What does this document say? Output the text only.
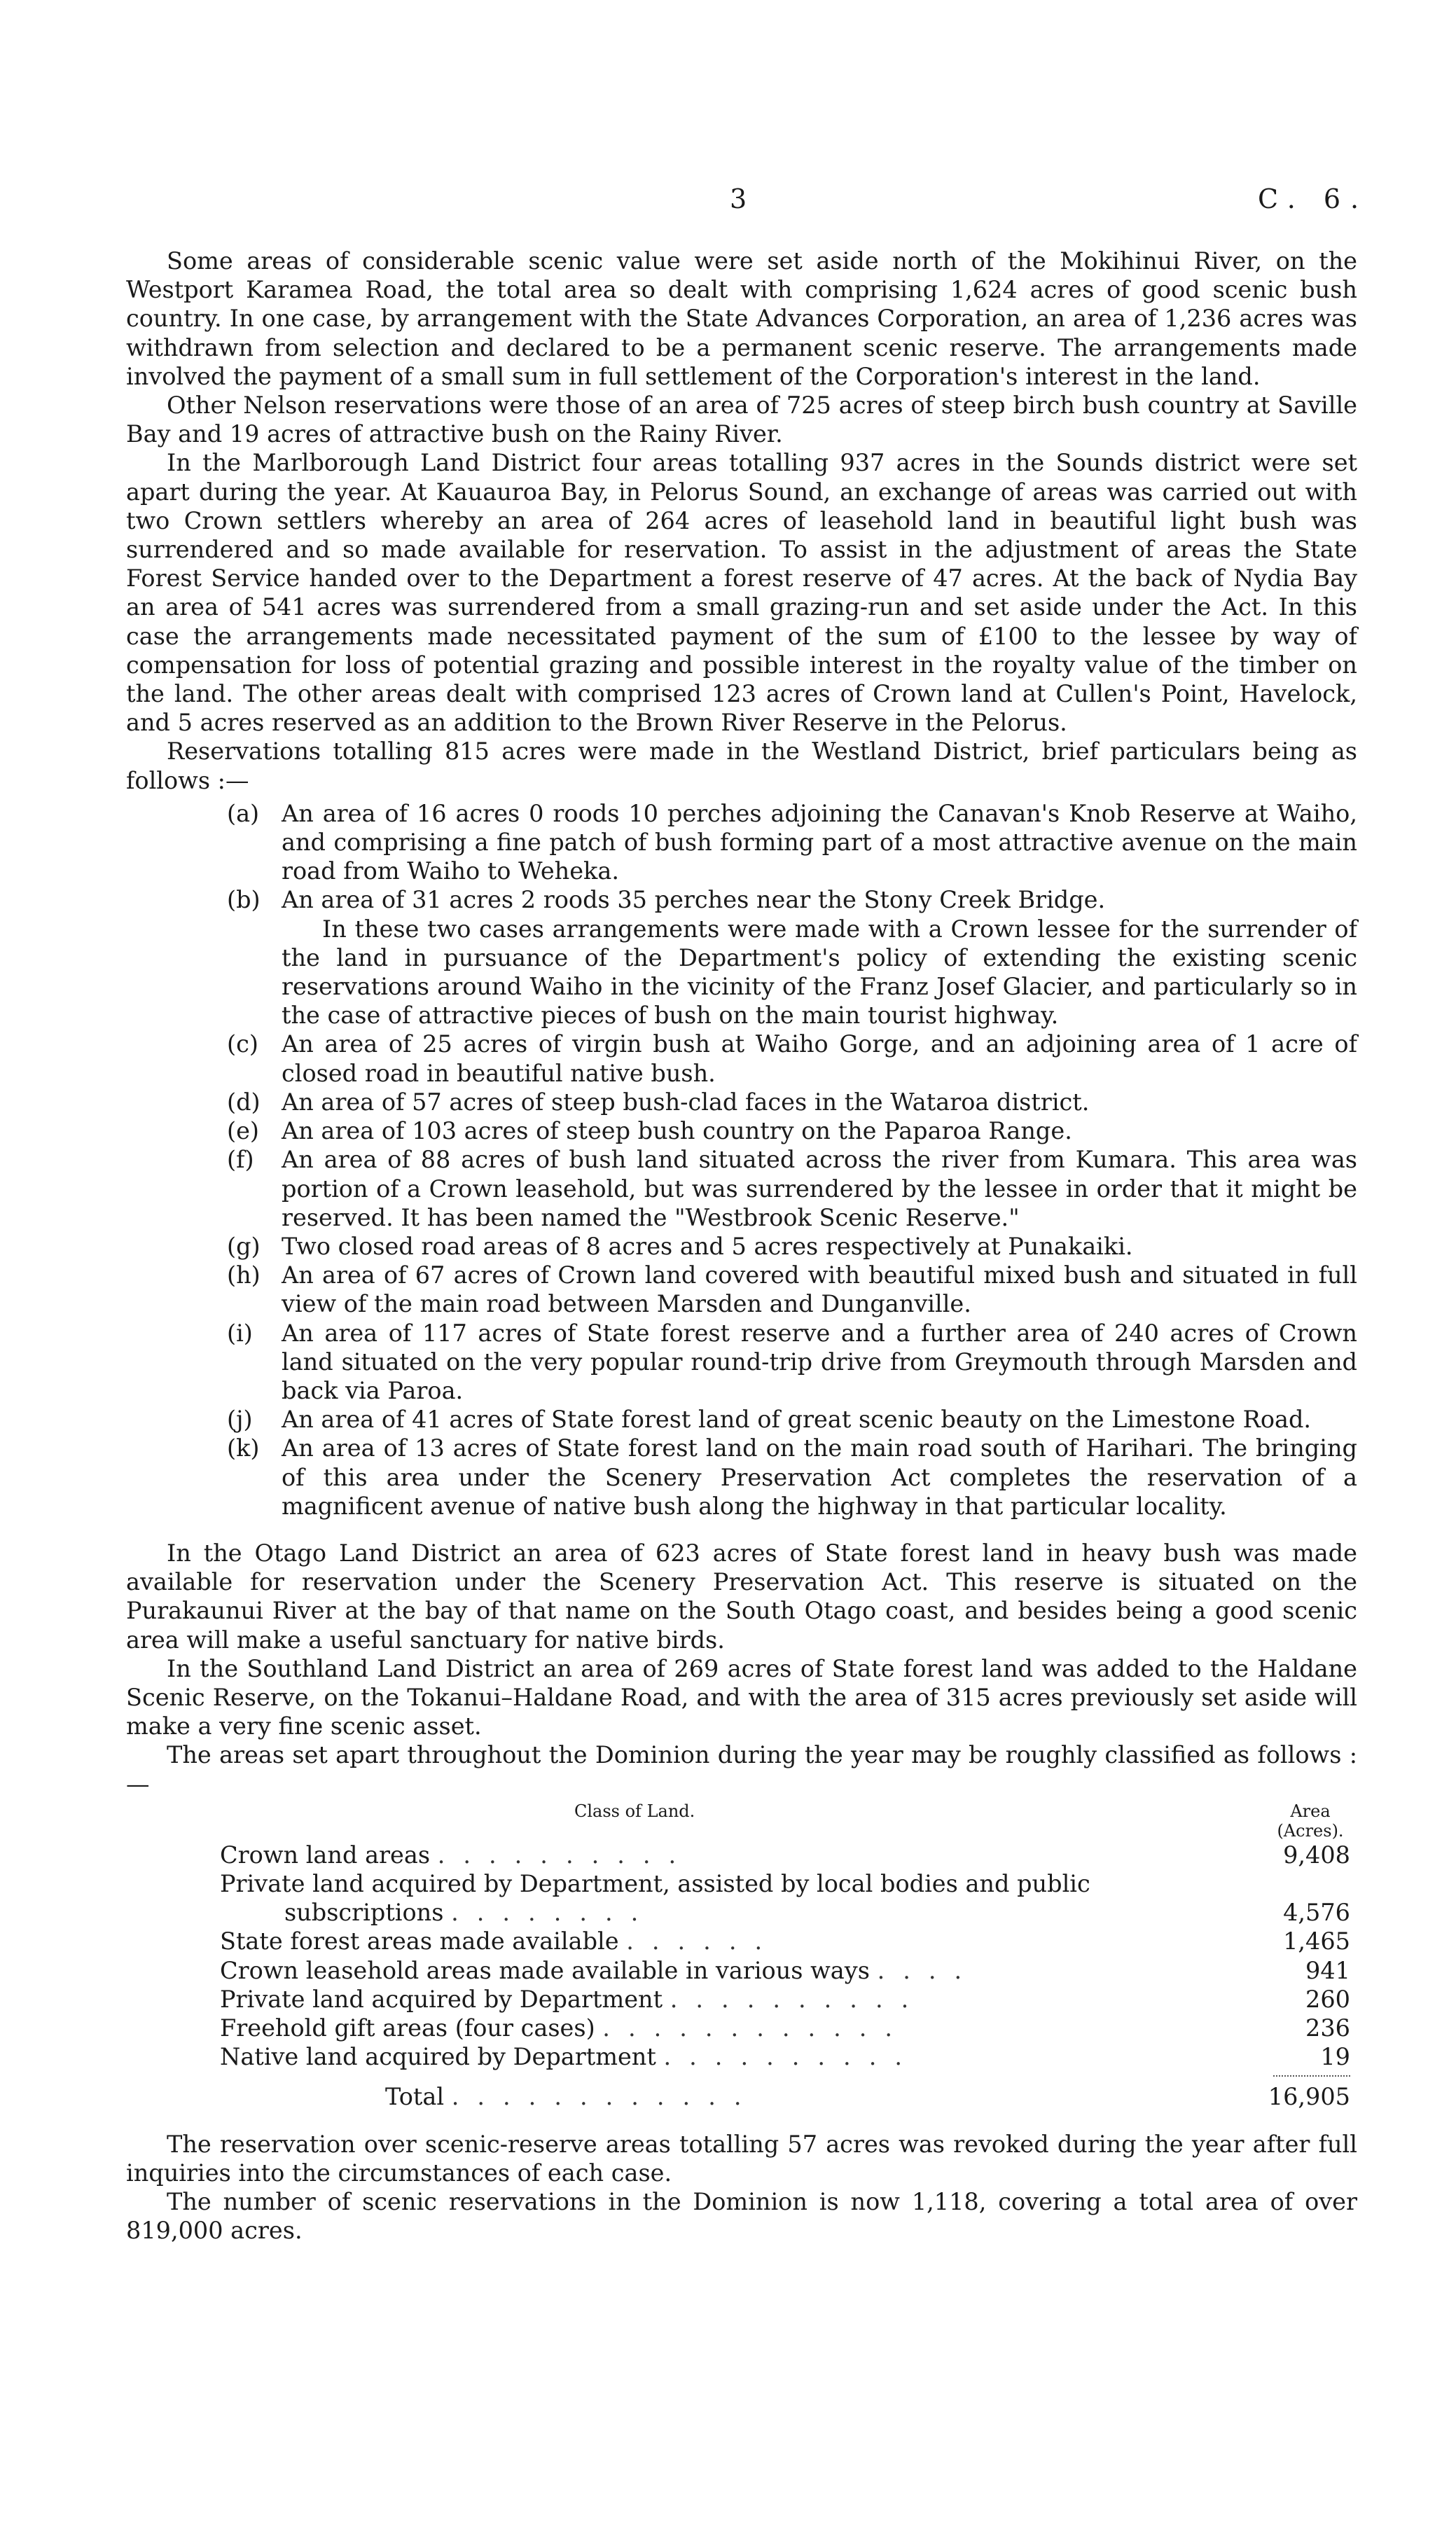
3	C. 6.

Some areas of considerable scenic value were set aside north of the Mokihinui River, on the Westport Karamea Road, the total area so dealt with comprising 1,624 acres of good scenic bush country. In one case, by arrangement with the State Advances Corporation, an area of 1,236 acres was withdrawn from selection and declared to be a permanent scenic reserve. The arrangements made involved the payment of a small sum in full settlement of the Corporation's interest in the land.

Other Nelson reservations were those of an area of 725 acres of steep birch bush country at Saville Bay and 19 acres of attractive bush on the Rainy River.

In the Marlborough Land District four areas totalling 937 acres in the Sounds district were set apart during the year. At Kauauroa Bay, in Pelorus Sound, an exchange of areas was carried out with two Crown settlers whereby an area of 264 acres of leasehold land in beautiful light bush was surrendered and so made available for reservation. To assist in the adjustment of areas the State Forest Service handed over to the Department a forest reserve of 47 acres. At the back of Nydia Bay an area of 541 acres was surrendered from a small grazing-run and set aside under the Act. In this case the arrangements made necessitated payment of the sum of £100 to the lessee by way of compensation for loss of potential grazing and possible interest in the royalty value of the timber on the land. The other areas dealt with comprised 123 acres of Crown land at Cullen's Point, Havelock, and 5 acres reserved as an addition to the Brown River Reserve in the Pelorus.

Reservations totalling 815 acres were made in the Westland District, brief particulars being as follows :—

(a) An area of 16 acres 0 roods 10 perches adjoining the Canavan's Knob Reserve at Waiho, and comprising a fine patch of bush forming part of a most attractive avenue on the main road from Waiho to Weheka.
(b) An area of 31 acres 2 roods 35 perches near the Stony Creek Bridge.
In these two cases arrangements were made with a Crown lessee for the surrender of the land in pursuance of the Department's policy of extending the existing scenic reservations around Waiho in the vicinity of the Franz Josef Glacier, and particularly so in the case of attractive pieces of bush on the main tourist highway.
(c) An area of 25 acres of virgin bush at Waiho Gorge, and an adjoining area of 1 acre of closed road in beautiful native bush.
(d) An area of 57 acres of steep bush-clad faces in the Wataroa district.
(e) An area of 103 acres of steep bush country on the Paparoa Range.
(f)	An area of 88 acres of bush land situated across the river from Kumara. This area was portion of a Crown leasehold, but was surrendered by the lessee in order that it might be reserved. It has been named the "Westbrook Scenic Reserve."
(g) Two closed road areas of 8 acres and 5 acres respectively at Punakaiki.
(h) An area of 67 acres of Crown land covered with beautiful mixed bush and situated in full view of the main road between Marsden and Dunganville.
(i)	An area of 117 acres of State forest reserve and a further area of 240 acres of Crown land situated on the very popular round-trip drive from Greymouth through Marsden and back via Paroa.
(j)	An area of 41 acres of State forest land of great scenic beauty on the Limestone Road.
(k) An area of 13 acres of State forest land on the main road south of Harihari. The bringing of this area under the Scenery Preservation Act completes the reservation of a magnificent avenue of native bush along the highway in that particular locality.

In the Otago Land District an area of 623 acres of State forest land in heavy bush was made available for reservation under the Scenery Preservation Act. This reserve is situated on the Purakaunui River at the bay of that name on the South Otago coast, and besides being a good scenic area will make a useful sanctuary for native birds.

In the Southland Land District an area of 269 acres of State forest land was added to the Haldane Scenic Reserve, on the Tokanui–Haldane Road, and with the area of 315 acres previously set aside will make a very fine scenic asset.

The areas set apart throughout the Dominion during the year may be roughly classified as follows :—

Class of Land.	Area (Acres).
Crown land areas ..........	9,408
Private land acquired by Department, assisted by local bodies and public
subscriptions ........	4,576
State forest areas made available ......	1,465
Crown leasehold areas made available in various ways ....	941
Private land acquired by Department ..........	260
Freehold gift areas (four cases) ............	236
Native land acquired by Department ..........	19
Total ............	16,905

The reservation over scenic-reserve areas totalling 57 acres was revoked during the year after full inquiries into the circumstances of each case.

The number of scenic reservations in the Dominion is now 1,118, covering a total area of over 819,000 acres.
